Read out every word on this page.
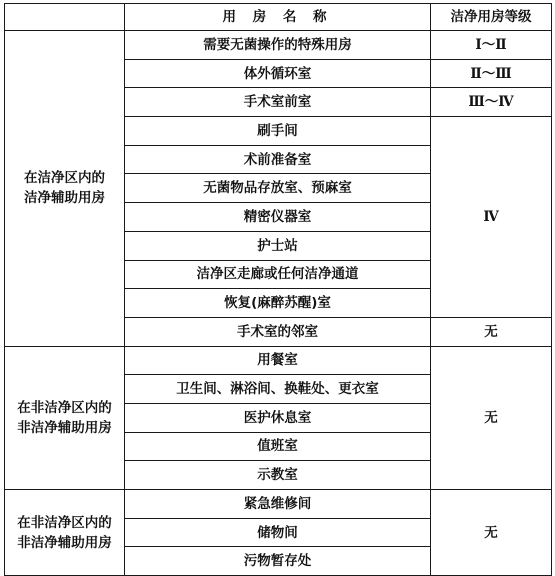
	用 房 名 称	洁净用房等级
在洁净区内的
洁净辅助用房	需要无菌操作的特殊用房	Ⅰ～Ⅱ
	体外循环室	Ⅱ～Ⅲ
	手术室前室	Ⅲ～Ⅳ
	刷手间	Ⅳ
	术前准备室	
	无菌物品存放室、预麻室	
	精密仪器室	
	护士站	
	洁净区走廊或任何洁净通道	
	恢复(麻醉苏醒)室	
	手术室的邻室	无
在非洁净区内的
非洁净辅助用房	用餐室	无
	卫生间、淋浴间、换鞋处、更衣室	
	医护休息室	
	值班室	
	示教室	
在非洁净区内的
非洁净辅助用房	紧急维修间	无
	储物间	
	污物暂存处	
